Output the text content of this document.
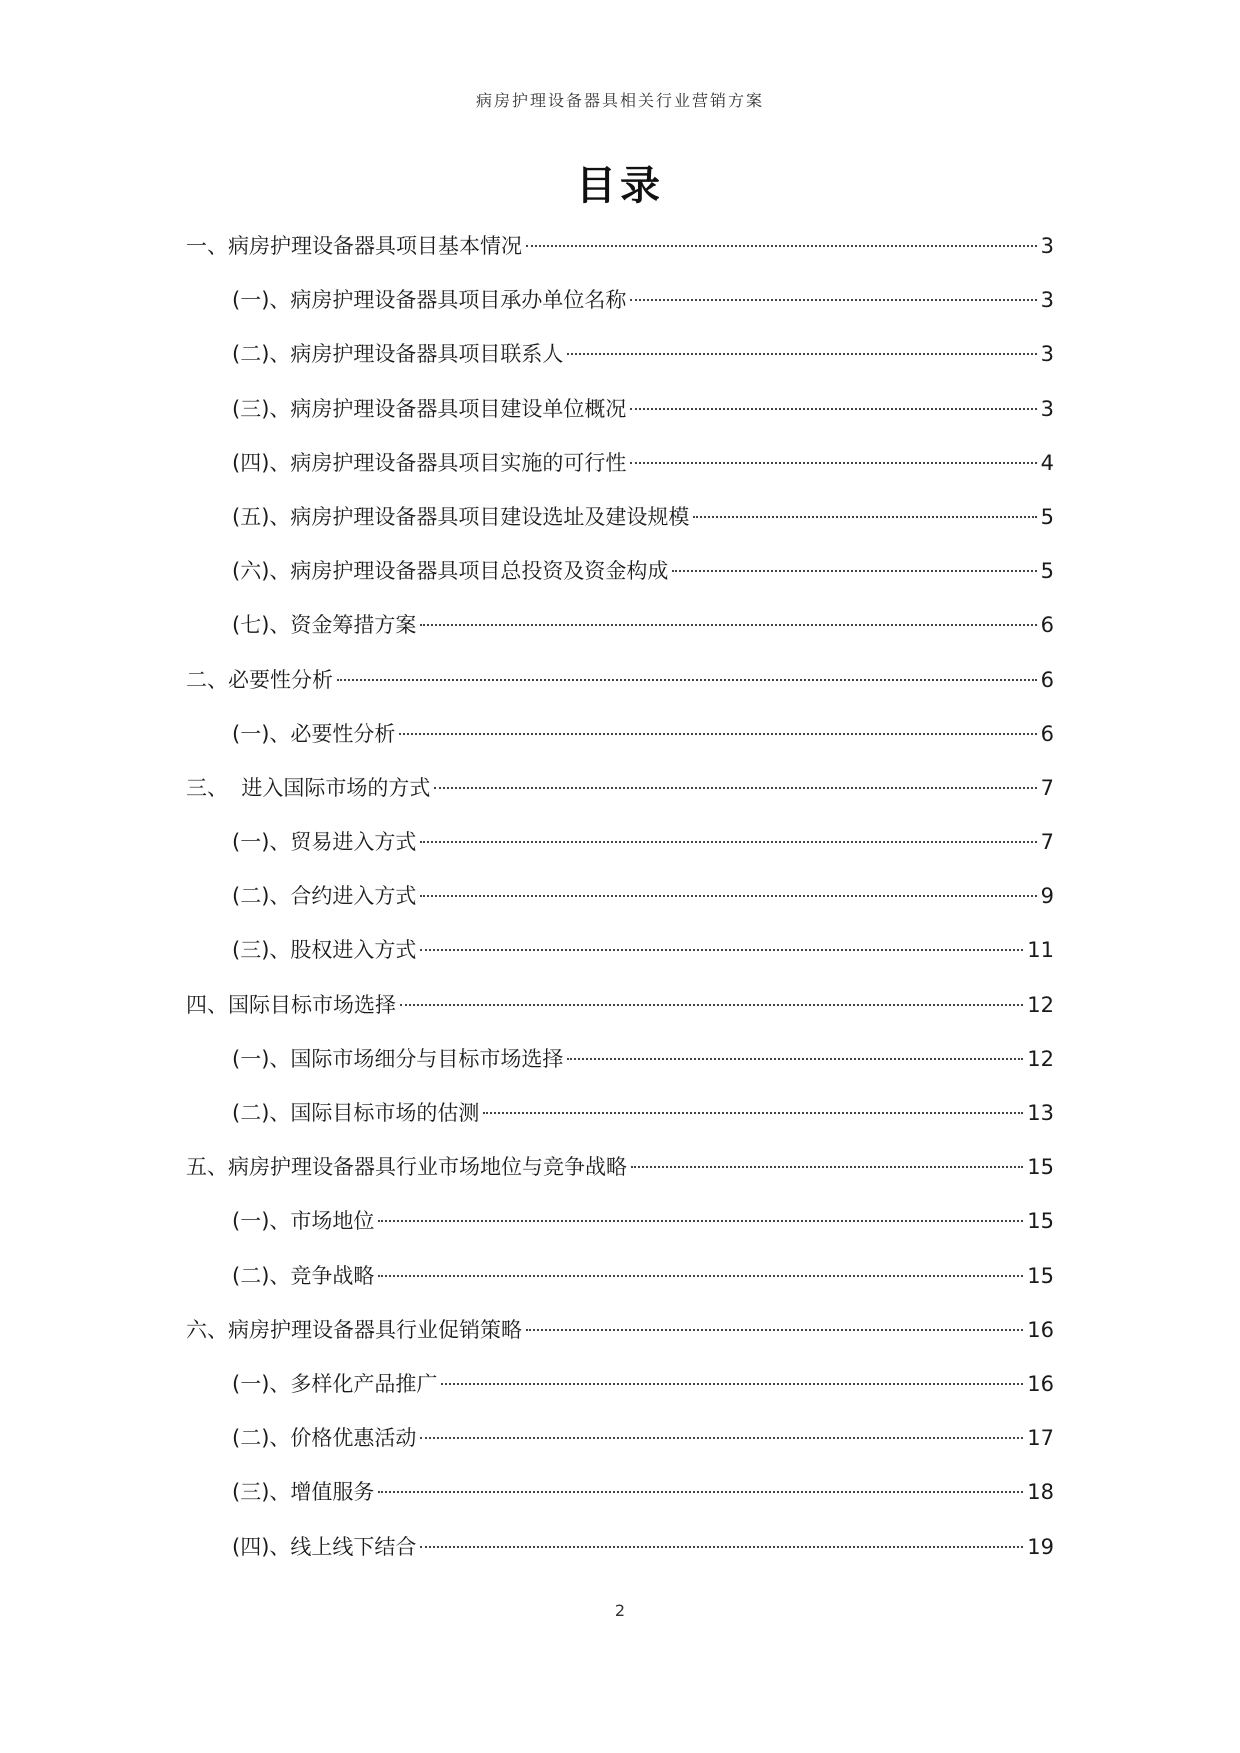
病房护理设备器具相关行业营销方案
目录
一、病房护理设备器具项目基本情况	3
(一)、病房护理设备器具项目承办单位名称	3
(二)、病房护理设备器具项目联系人	3
(三)、病房护理设备器具项目建设单位概况	3
(四)、病房护理设备器具项目实施的可行性	4
(五)、病房护理设备器具项目建设选址及建设规模	5
(六)、病房护理设备器具项目总投资及资金构成	5
(七)、资金筹措方案	6
二、必要性分析	6
(一)、必要性分析	6
三、  进入国际市场的方式	7
(一)、贸易进入方式	7
(二)、合约进入方式	9
(三)、股权进入方式	11
四、国际目标市场选择	12
(一)、国际市场细分与目标市场选择	12
(二)、国际目标市场的估测	13
五、病房护理设备器具行业市场地位与竞争战略	15
(一)、市场地位	15
(二)、竞争战略	15
六、病房护理设备器具行业促销策略	16
(一)、多样化产品推广	16
(二)、价格优惠活动	17
(三)、增值服务	18
(四)、线上线下结合	19
2
